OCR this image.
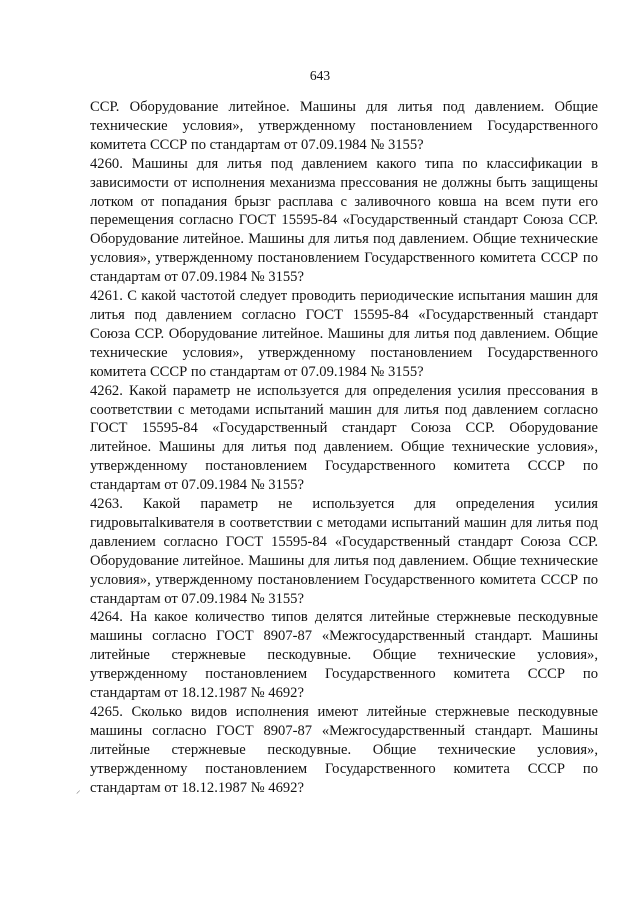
643

ССР. Оборудование литейное. Машины для литья под давлением. Общие технические условия», утвержденному постановлением Государственного комитета СССР по стандартам от 07.09.1984 № 3155?

4260. Машины для литья под давлением какого типа по классификации в зависимости от исполнения механизма прессования не должны быть защищены лотком от попадания брызг расплава с заливочного ковша на всем пути его перемещения согласно ГОСТ 15595-84 «Государственный стандарт Союза ССР. Оборудование литейное. Машины для литья под давлением. Общие технические условия», утвержденному постановлением Государственного комитета СССР по стандартам от 07.09.1984 № 3155?

4261. С какой частотой следует проводить периодические испытания машин для литья под давлением согласно ГОСТ 15595-84 «Государственный стандарт Союза ССР. Оборудование литейное. Машины для литья под давлением. Общие технические условия», утвержденному постановлением Государственного комитета СССР по стандартам от 07.09.1984 № 3155?

4262. Какой параметр не используется для определения усилия прессования в соответствии с методами испытаний машин для литья под давлением согласно ГОСТ 15595-84 «Государственный стандарт Союза ССР. Оборудование литейное. Машины для литья под давлением. Общие технические условия», утвержденному постановлением Государственного комитета СССР по стандартам от 07.09.1984 № 3155?

4263. Какой параметр не используется для определения усилия гидровытalкивателя в соответствии с методами испытаний машин для литья под давлением согласно ГОСТ 15595-84 «Государственный стандарт Союза ССР. Оборудование литейное. Машины для литья под давлением. Общие технические условия», утвержденному постановлением Государственного комитета СССР по стандартам от 07.09.1984 № 3155?

4264. На какое количество типов делятся литейные стержневые пескодувные машины согласно ГОСТ 8907-87 «Межгосударственный стандарт. Машины литейные стержневые пескодувные. Общие технические условия», утвержденному постановлением Государственного комитета СССР по стандартам от 18.12.1987 № 4692?

4265. Сколько видов исполнения имеют литейные стержневые пескодувные машины согласно ГОСТ 8907-87 «Межгосударственный стандарт. Машины литейные стержневые пескодувные. Общие технические условия», утвержденному постановлением Государственного комитета СССР по стандартам от 18.12.1987 № 4692?

⸝
